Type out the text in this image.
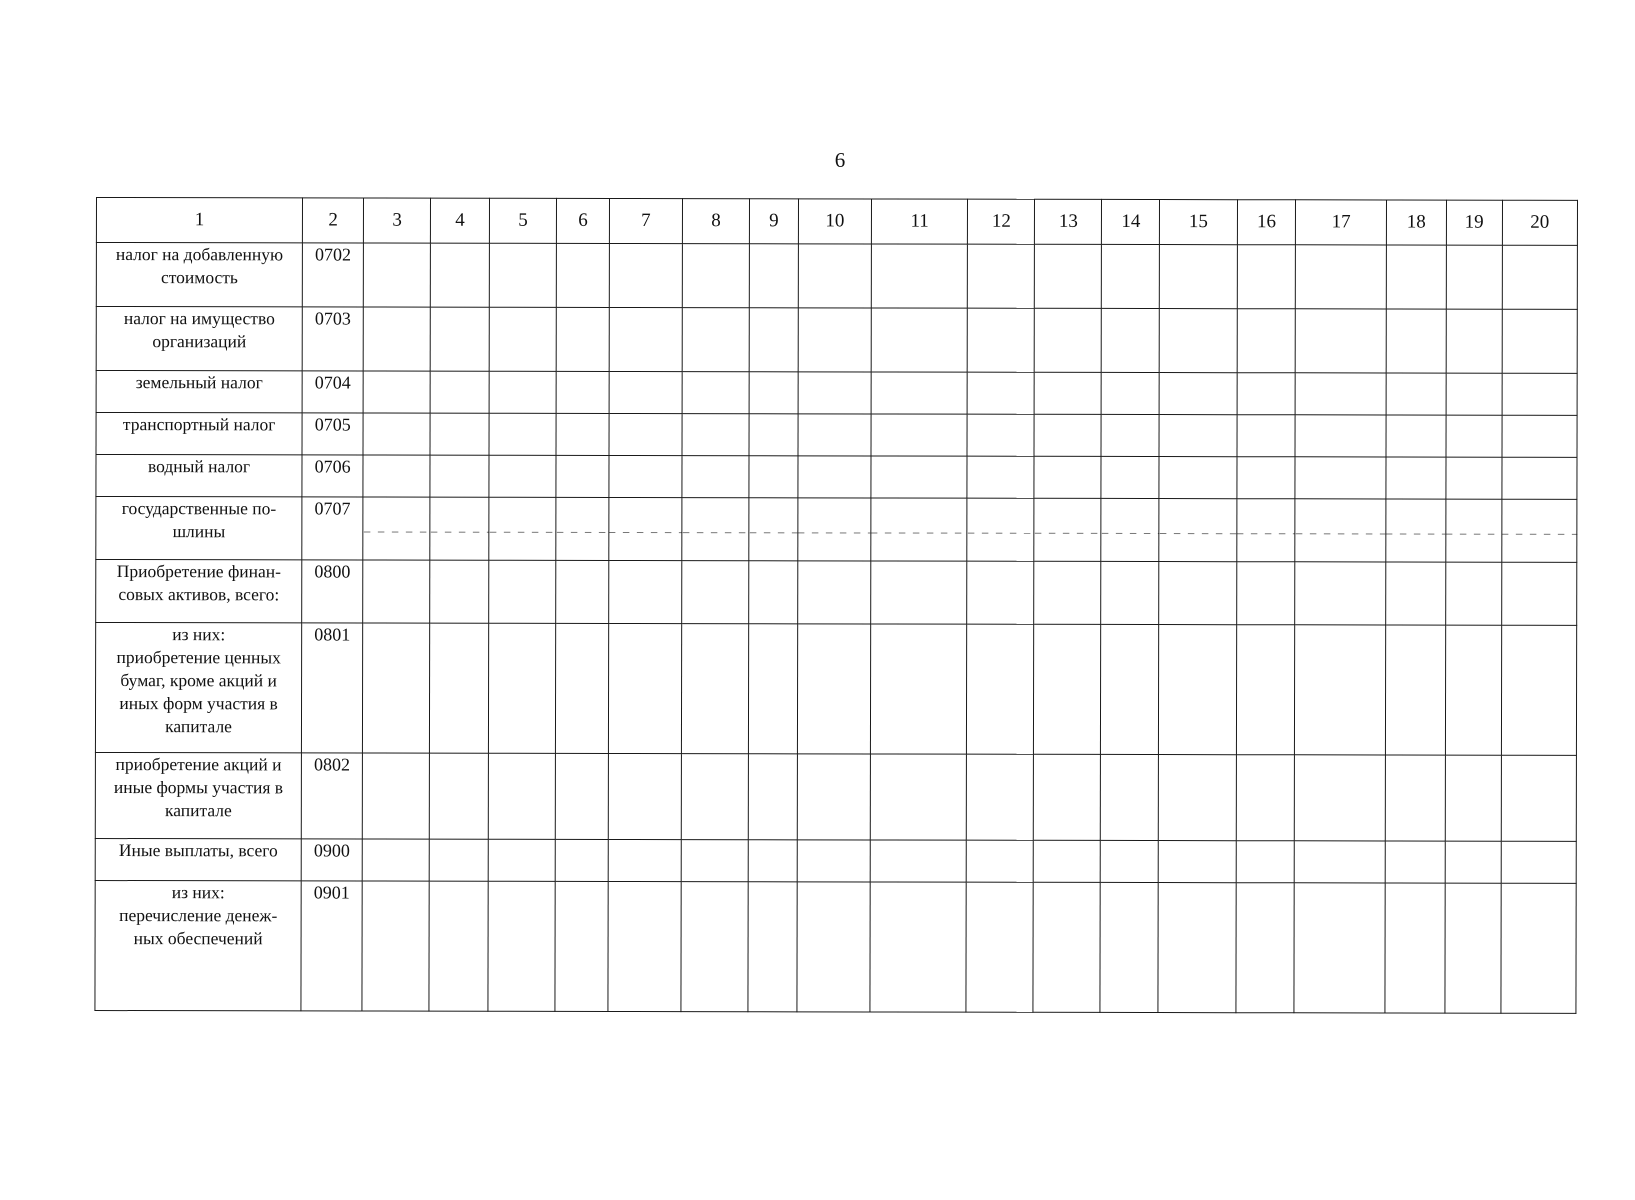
6
1	2	3	4	5	6	7	8	9	10	11	12	13	14	15	16	17	18	19	20

налог на добавленную
стоимость	0702																		

налог на имущество
организаций	0703																		

земельный налог	0704																		

транспортный налог	0705																		

водный налог	0706																		

государственные по-
шлины	0707																		

Приобретение финан-
совых активов, всего:	0800																		

из них:
приобретение ценных
бумаг, кроме акций и
иных форм участия в
капитале	0801																		

приобретение акций и
иные формы участия в
капитале	0802																		

Иные выплаты, всего	0900																		

из них:
перечисление денеж-
ных обеспечений	0901																		
